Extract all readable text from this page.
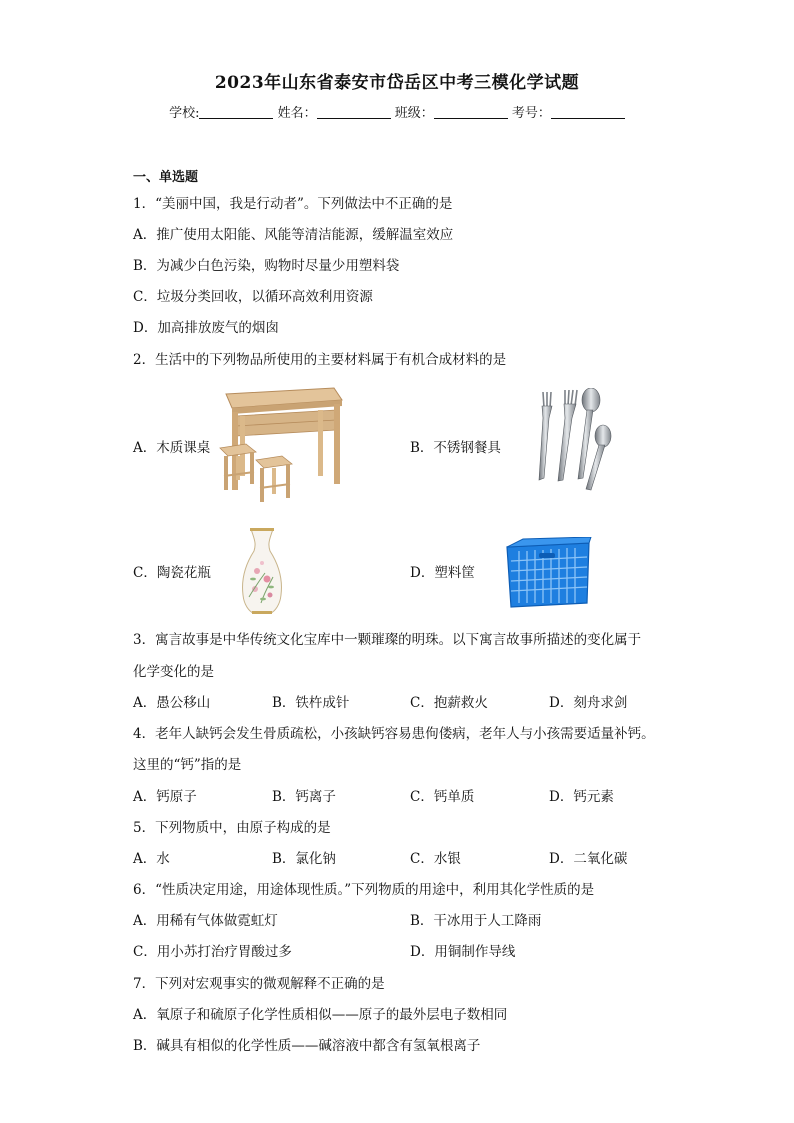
2023年山东省泰安市岱岳区中考三模化学试题
学校:	姓名：	班级：	考号：
一、单选题
1．“美丽中国，我是行动者”。下列做法中不正确的是
A．推广使用太阳能、风能等清洁能源，缓解温室效应
B．为减少白色污染，购物时尽量少用塑料袋
C．垃圾分类回收，以循环高效利用资源
D．加高排放废气的烟囱
2．生活中的下列物品所使用的主要材料属于有机合成材料的是
A．木质课桌	B．不锈钢餐具
C．陶瓷花瓶	D．塑料筐
3．寓言故事是中华传统文化宝库中一颗璀璨的明珠。以下寓言故事所描述的变化属于
化学变化的是
A．愚公移山	B．铁杵成针	C．抱薪救火	D．刻舟求剑
4．老年人缺钙会发生骨质疏松，小孩缺钙容易患佝偻病，老年人与小孩需要适量补钙。
这里的“钙”指的是
A．钙原子	B．钙离子	C．钙单质	D．钙元素
5．下列物质中，由原子构成的是
A．水	B．氯化钠	C．水银	D．二氧化碳
6．“性质决定用途，用途体现性质。”下列物质的用途中，利用其化学性质的是
A．用稀有气体做霓虹灯	B．干冰用于人工降雨
C．用小苏打治疗胃酸过多	D．用铜制作导线
7．下列对宏观事实的微观解释不正确的是
A．氧原子和硫原子化学性质相似——原子的最外层电子数相同
B．碱具有相似的化学性质——碱溶液中都含有氢氧根离子
